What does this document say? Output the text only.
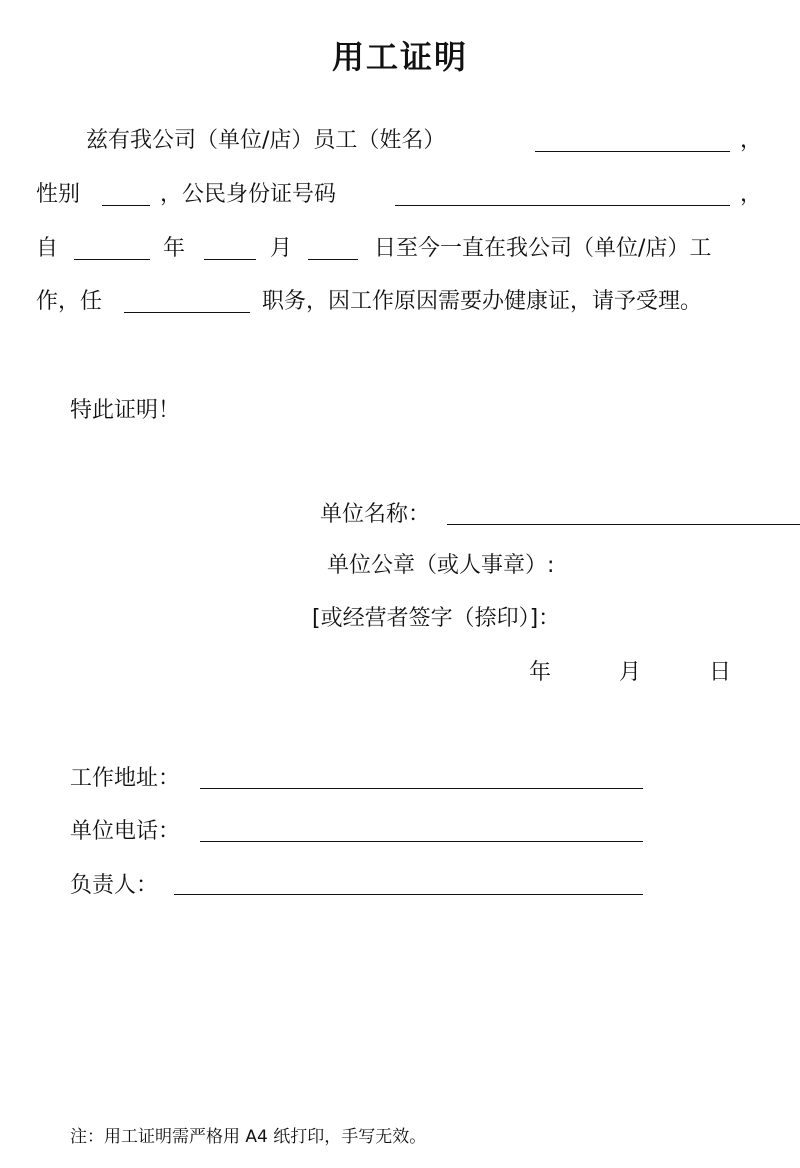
用工证明
兹有我公司（单位/店）员工（姓名）	，
性别	，公民身份证号码	，
自	年	月	日至今一直在我公司（单位/店）工
作，任	职务，因工作原因需要办健康证，请予受理。
特此证明！
单位名称：
单位公章（或人事章）:
[或经营者签字（捺印）]：
年	月	日
工作地址：
单位电话：
负责人：
注：用工证明需严格用 A4 纸打印，手写无效。
